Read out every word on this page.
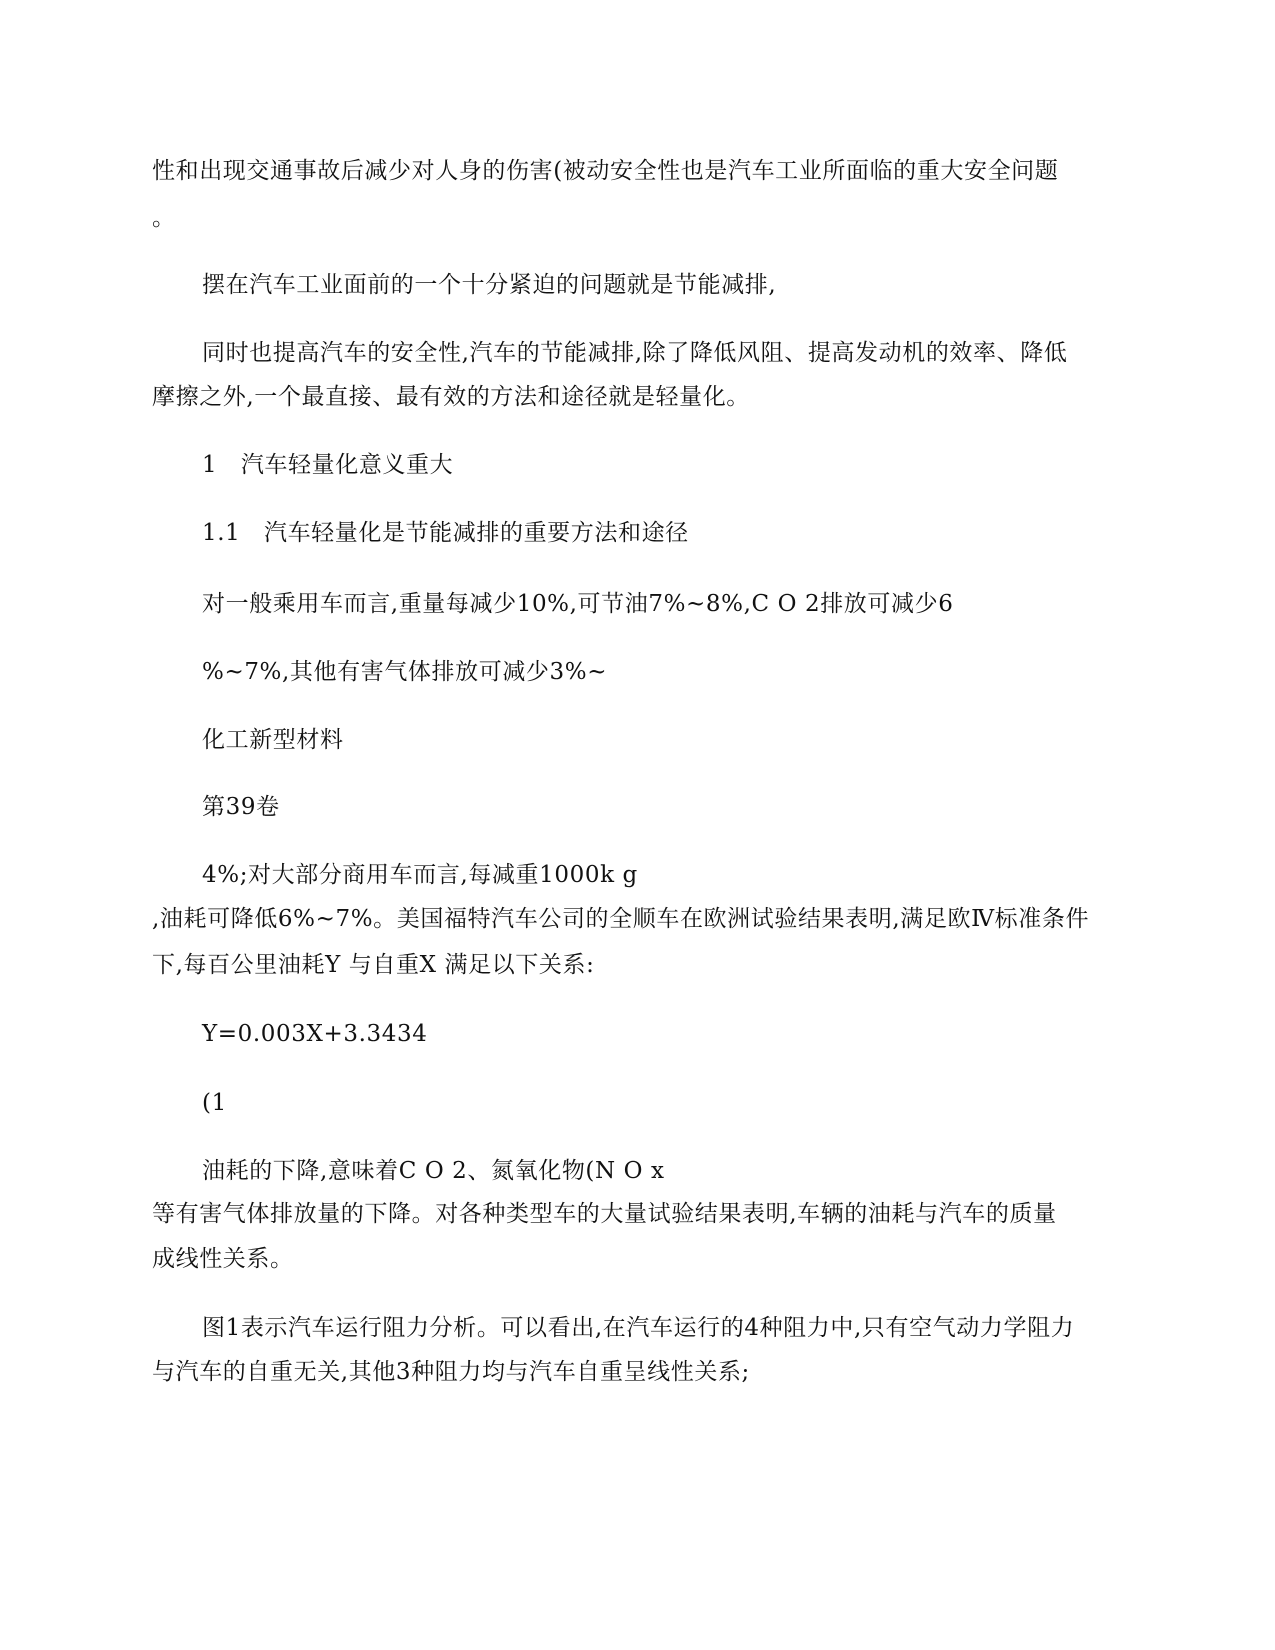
性和出现交通事故后减少对人身的伤害(被动安全性也是汽车工业所面临的重大安全问题
。
摆在汽车工业面前的一个十分紧迫的问题就是节能减排,
同时也提高汽车的安全性,汽车的节能减排,除了降低风阻、提高发动机的效率、降低
摩擦之外,一个最直接、最有效的方法和途径就是轻量化。
1　汽车轻量化意义重大
1.1　汽车轻量化是节能减排的重要方法和途径
对一般乘用车而言,重量每减少10%,可节油7%~8%,C O 2排放可减少6
%~7%,其他有害气体排放可减少3%~
化工新型材料
第39卷
4%;对大部分商用车而言,每减重1000k g
,油耗可降低6%~7%。美国福特汽车公司的全顺车在欧洲试验结果表明,满足欧Ⅳ标准条件
下,每百公里油耗Y 与自重X 满足以下关系:
Y=0.003X+3.3434
(1
油耗的下降,意味着C O 2、氮氧化物(N O x
等有害气体排放量的下降。对各种类型车的大量试验结果表明,车辆的油耗与汽车的质量
成线性关系。
图1表示汽车运行阻力分析。可以看出,在汽车运行的4种阻力中,只有空气动力学阻力
与汽车的自重无关,其他3种阻力均与汽车自重呈线性关系;
